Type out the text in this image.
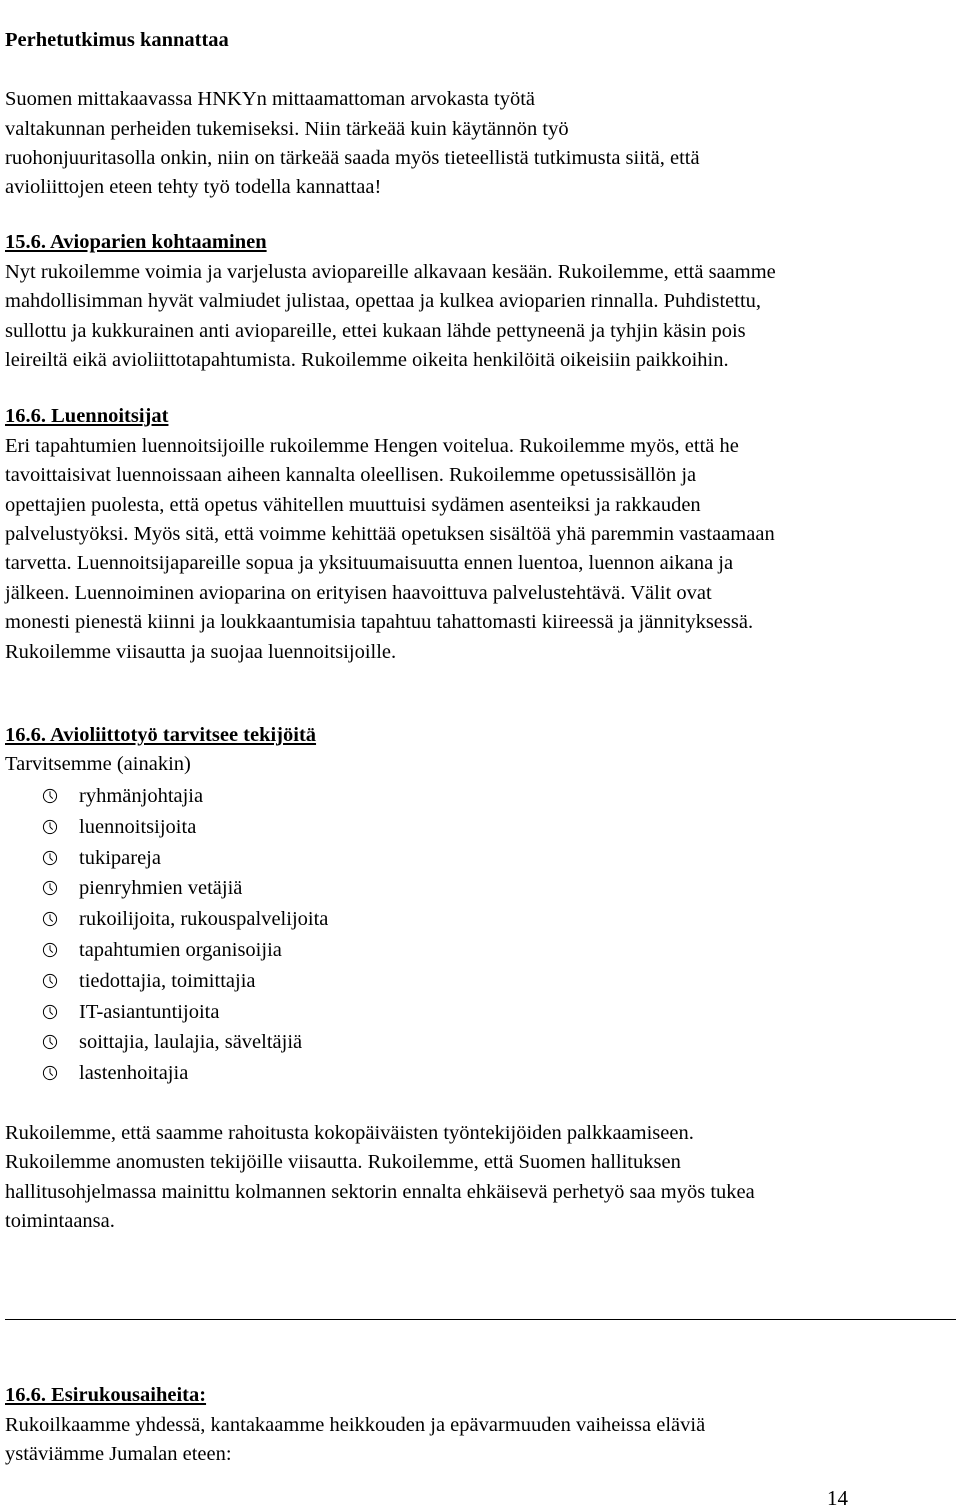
Perhetutkimus kannattaa

Suomen mittakaavassa HNKYn mittaamattoman arvokasta työtä
valtakunnan perheiden tukemiseksi. Niin tärkeää kuin käytännön työ
ruohonjuuritasolla onkin, niin on tärkeää saada myös tieteellistä tutkimusta siitä, että
avioliittojen eteen tehty työ todella kannattaa!

15.6. Avioparien kohtaaminen
Nyt rukoilemme voimia ja varjelusta aviopareille alkavaan kesään. Rukoilemme, että saamme
mahdollisimman hyvät valmiudet julistaa, opettaa ja kulkea avioparien rinnalla. Puhdistettu,
sullottu ja kukkurainen anti aviopareille, ettei kukaan lähde pettyneenä ja tyhjin käsin pois
leireiltä eikä avioliittotapahtumista. Rukoilemme oikeita henkilöitä oikeisiin paikkoihin.

16.6. Luennoitsijat
Eri tapahtumien luennoitsijoille rukoilemme Hengen voitelua. Rukoilemme myös, että he
tavoittaisivat luennoissaan aiheen kannalta oleellisen. Rukoilemme opetussisällön ja
opettajien puolesta, että opetus vähitellen muuttuisi sydämen asenteiksi ja rakkauden
palvelustyöksi. Myös sitä, että voimme kehittää opetuksen sisältöä yhä paremmin vastaamaan
tarvetta. Luennoitsijapareille sopua ja yksituumaisuutta ennen luentoa, luennon aikana ja
jälkeen. Luennoiminen avioparina on erityisen haavoittuva palvelustehtävä. Välit ovat
monesti pienestä kiinni ja loukkaantumisia tapahtuu tahattomasti kiireessä ja jännityksessä.
Rukoilemme viisautta ja suojaa luennoitsijoille.

16.6. Avioliittotyö tarvitsee tekijöitä

Tarvitsemme (ainakin)
ryhmänjohtajia
luennoitsijoita
tukipareja
pienryhmien vetäjiä
rukoilijoita, rukouspalvelijoita
tapahtumien organisoijia
tiedottajia, toimittajia
IT-asiantuntijoita
soittajia, laulajia, säveltäjiä
lastenhoitajia
Rukoilemme, että saamme rahoitusta kokopäiväisten työntekijöiden palkkaamiseen.
Rukoilemme anomusten tekijöille viisautta. Rukoilemme, että Suomen hallituksen
hallitusohjelmassa mainittu kolmannen sektorin ennalta ehkäisevä perhetyö saa myös tukea
toimintaansa.

16.6. Esirukousaiheita:
Rukoilkaamme yhdessä, kantakaamme heikkouden ja epävarmuuden vaiheissa eläviä
ystäviämme Jumalan eteen:

14
